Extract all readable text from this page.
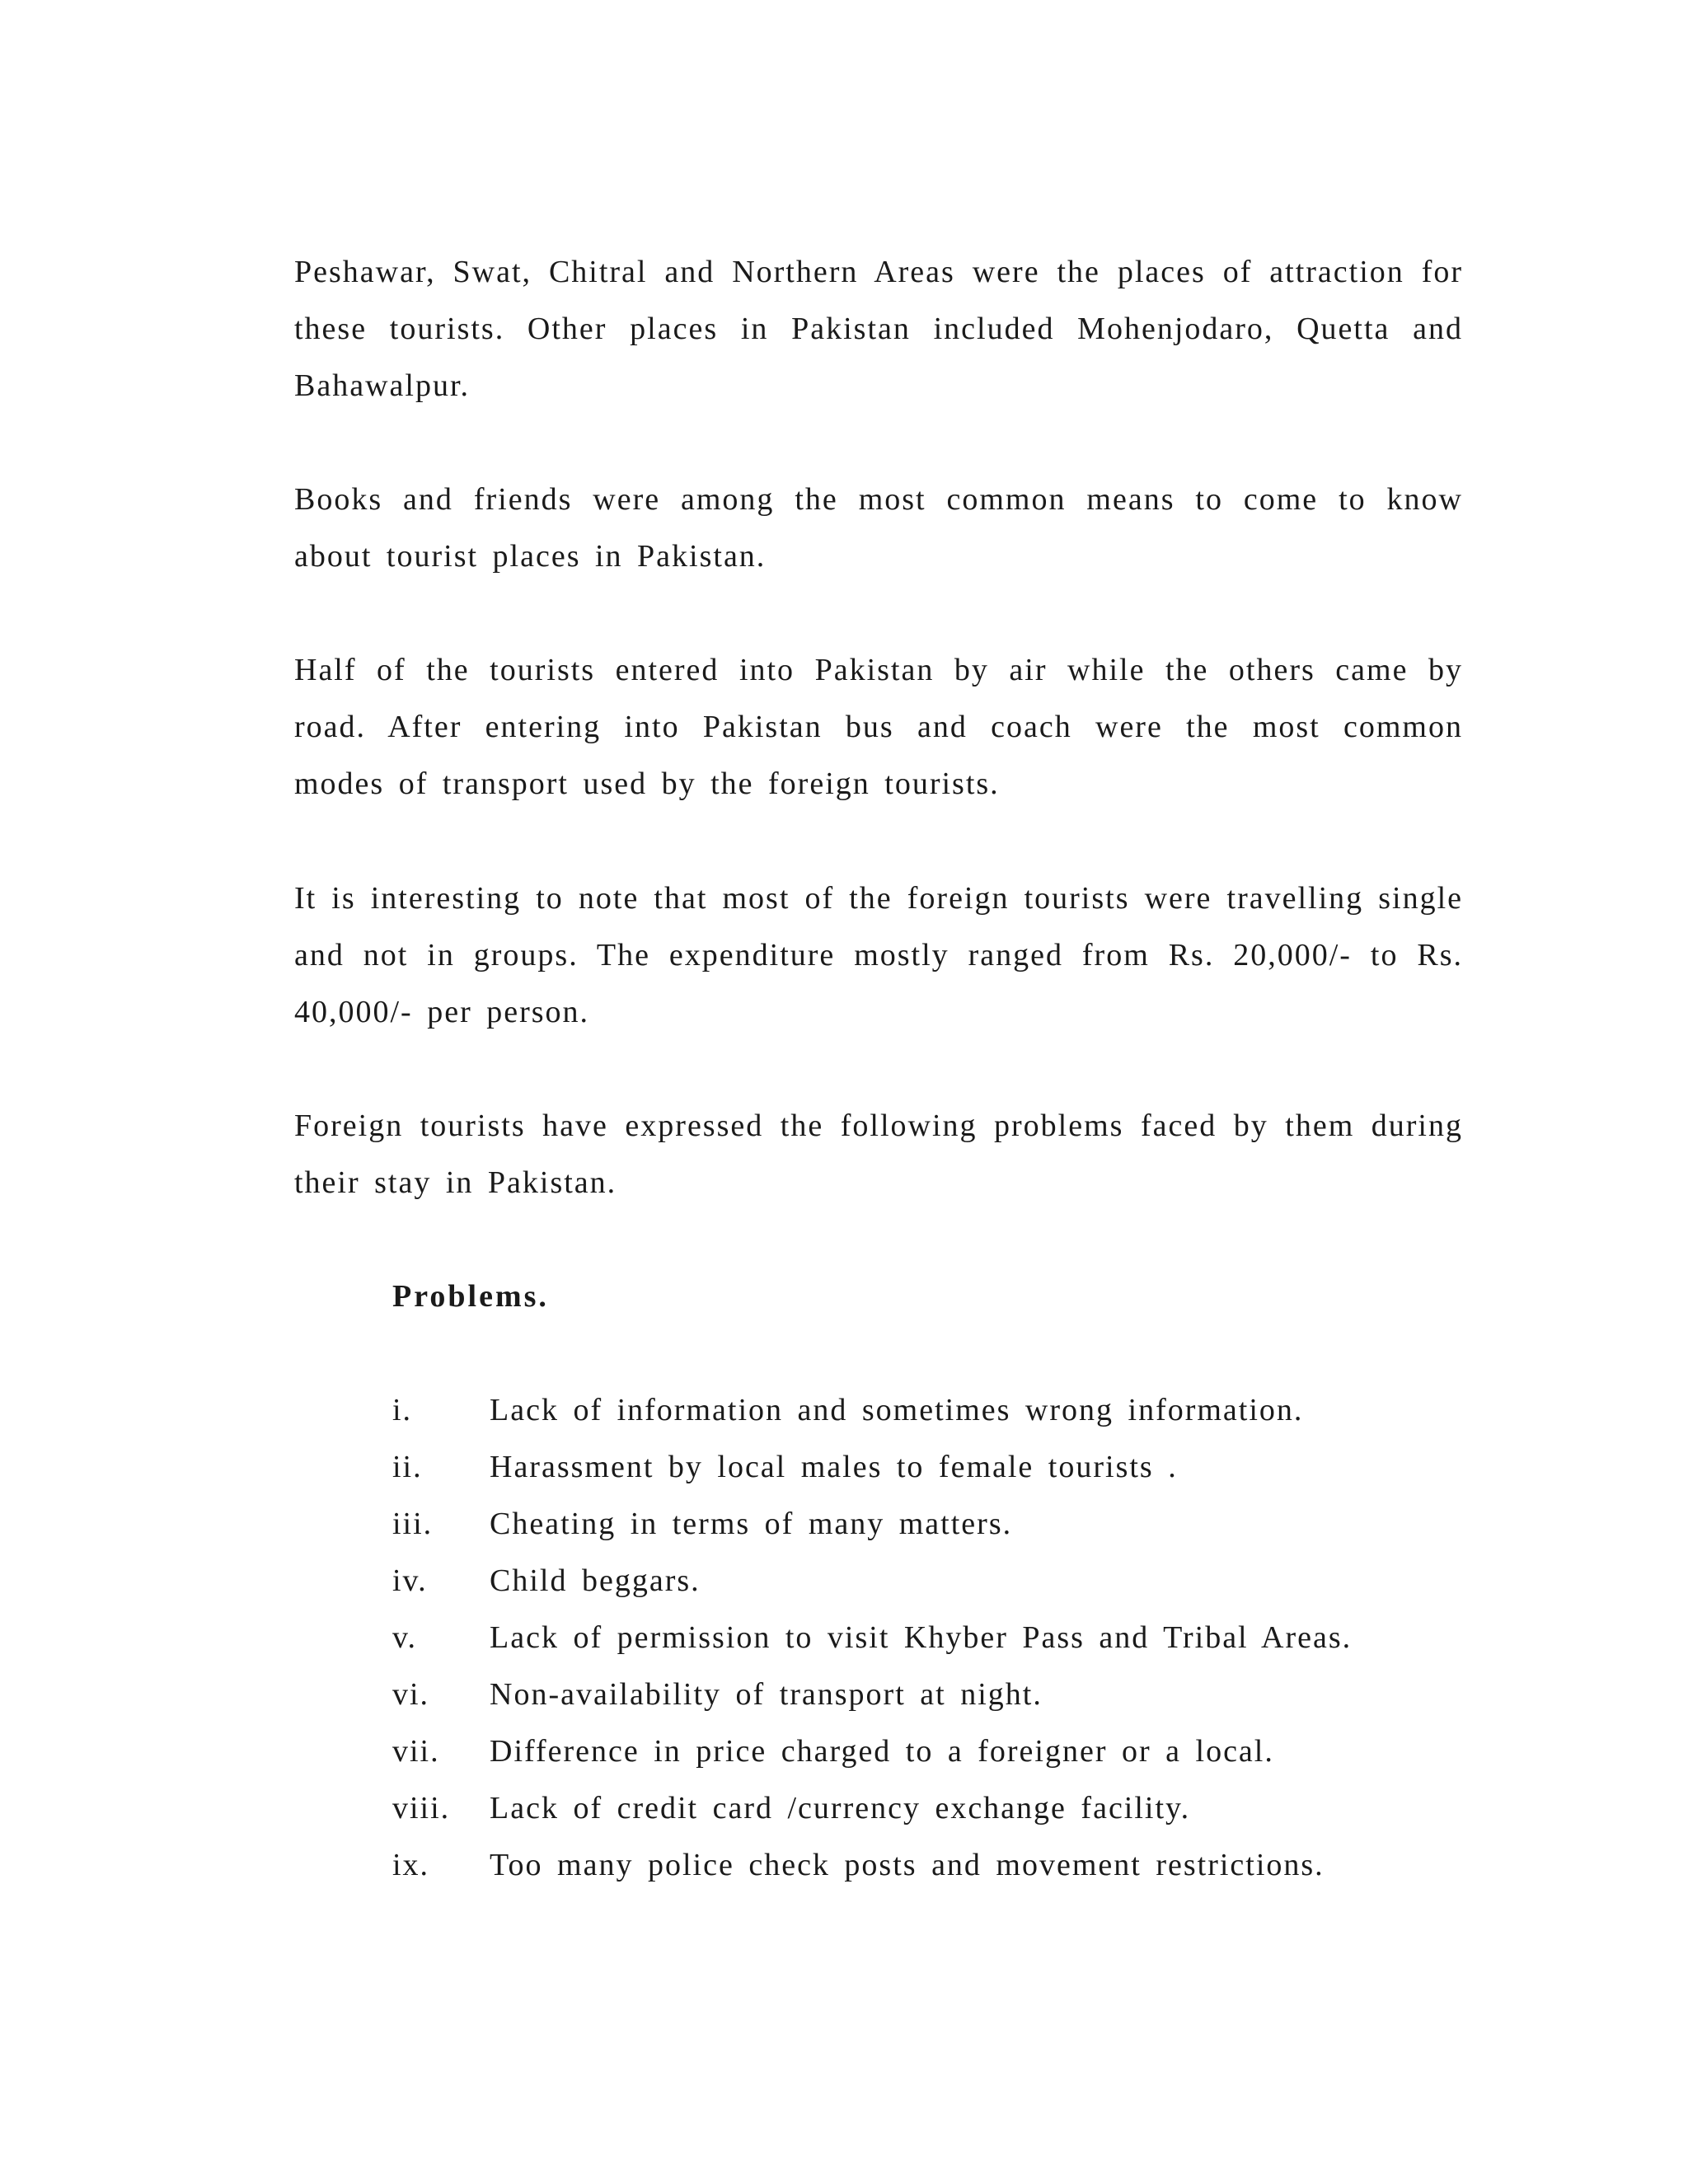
Peshawar, Swat, Chitral and Northern Areas were the places of attraction for these tourists. Other places in Pakistan included Mohenjodaro, Quetta and Bahawalpur.

Books and friends were among the most common means to come to know about tourist places in Pakistan.

Half of the tourists entered into Pakistan by air while the others came by road. After entering into Pakistan bus and coach were the most common modes of transport used by the foreign tourists.

It is interesting to note that most of the foreign tourists were travelling single and not in groups. The expenditure mostly ranged from Rs. 20,000/- to Rs. 40,000/- per person.

Foreign tourists have expressed the following problems faced by them during their stay in Pakistan.

Problems.

i.	Lack of information and sometimes wrong information.
ii.	Harassment by local males to female tourists .
iii.	Cheating in terms of many matters.
iv.	Child beggars.
v.	Lack of permission to visit Khyber Pass and Tribal Areas.
vi.	Non-availability of transport at night.
vii.	Difference in price charged to a foreigner or a local.
viii.	Lack of credit card /currency exchange facility.
ix.	Too many police check posts and movement restrictions.
